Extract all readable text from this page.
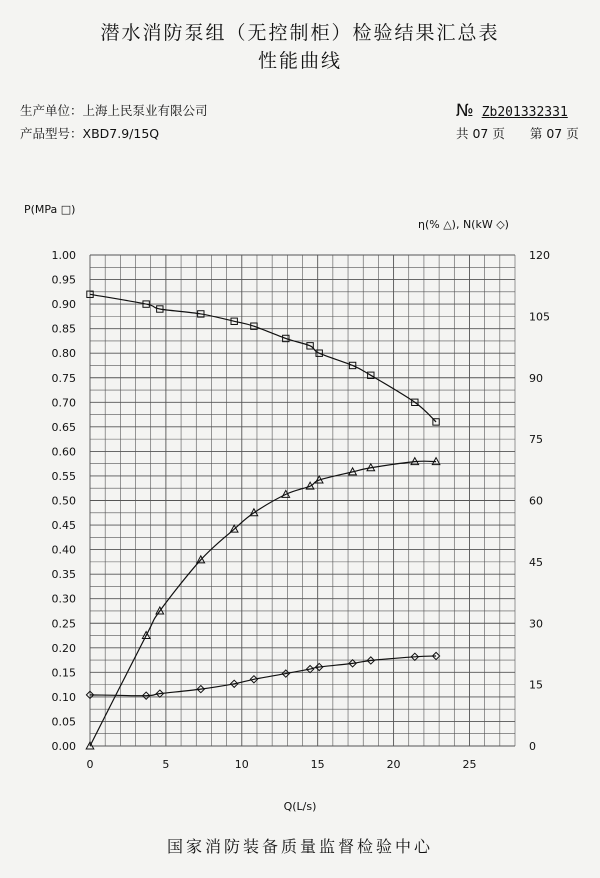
潜水消防泵组（无控制柜）检验结果汇总表
性能曲线
生产单位：上海上民泵业有限公司
产品型号：XBD7.9/15Q
№ Zb201332331
共 07 页　　第 07 页
0.00
0.05
0.10
0.15
0.20
0.25
0.30
0.35
0.40
0.45
0.50
0.55
0.60
0.65
0.70
0.75
0.80
0.85
0.90
0.95
1.00
0
15
30
45
60
75
90
105
120
0	5	10	15	20	25
P(MPa □)
η(% △), N(kW ◇)
Q(L/s)
国家消防装备质量监督检验中心
